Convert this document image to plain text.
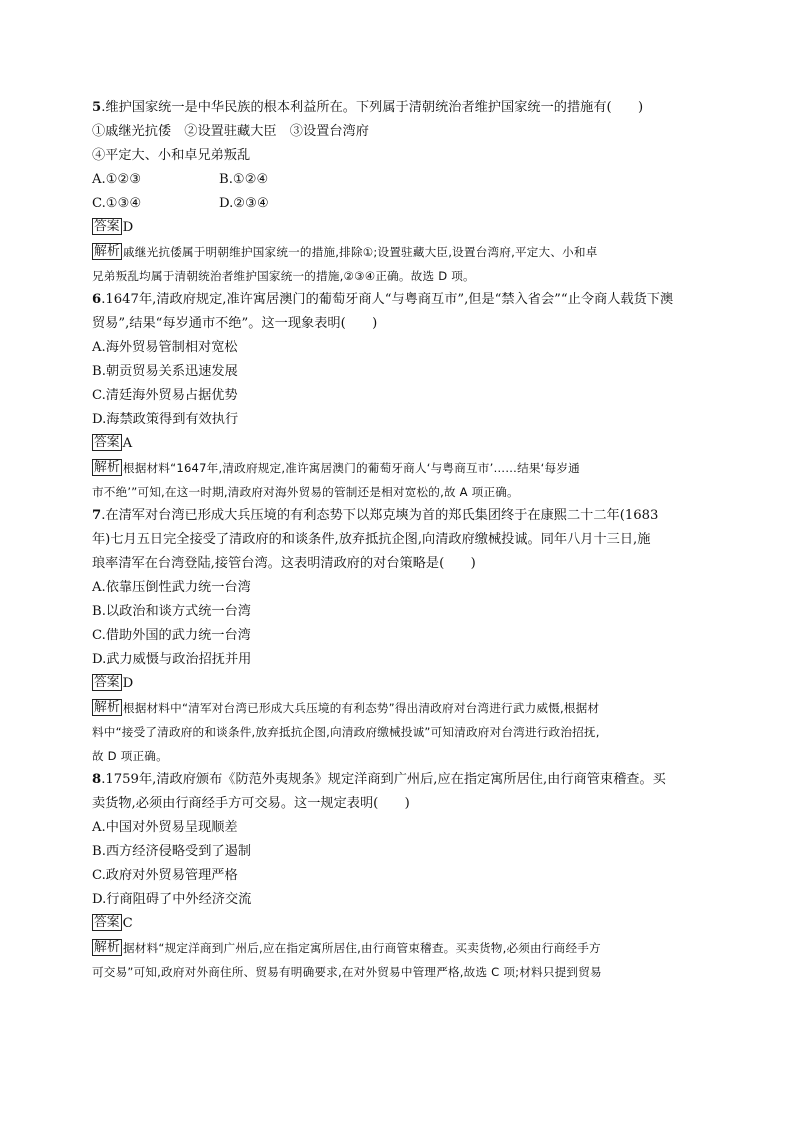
5.维护国家统一是中华民族的根本利益所在。下列属于清朝统治者维护国家统一的措施有(　　)

①戚继光抗倭　②设置驻藏大臣　③设置台湾府

④平定大、小和卓兄弟叛乱

A.①②③	B.①②④
C.①③④	D.②③④

答案 D

解析 戚继光抗倭属于明朝维护国家统一的措施,排除①;设置驻藏大臣,设置台湾府,平定大、小和卓

兄弟叛乱均属于清朝统治者维护国家统一的措施,②③④正确。故选 D 项。

6.1647年,清政府规定,准许寓居澳门的葡萄牙商人“与粤商互市”,但是“禁入省会”“止令商人载货下澳

贸易”,结果“每岁通市不绝”。这一现象表明(　　)

A.海外贸易管制相对宽松

B.朝贡贸易关系迅速发展

C.清廷海外贸易占据优势

D.海禁政策得到有效执行

答案 A

解析 根据材料“1647年,清政府规定,准许寓居澳门的葡萄牙商人‘与粤商互市’……结果‘每岁通

市不绝’”可知,在这一时期,清政府对海外贸易的管制还是相对宽松的,故 A 项正确。

7.在清军对台湾已形成大兵压境的有利态势下以郑克塽为首的郑氏集团终于在康熙二十二年(1683

年)七月五日完全接受了清政府的和谈条件,放弃抵抗企图,向清政府缴械投诚。同年八月十三日,施

琅率清军在台湾登陆,接管台湾。这表明清政府的对台策略是(　　)

A.依靠压倒性武力统一台湾

B.以政治和谈方式统一台湾

C.借助外国的武力统一台湾

D.武力威慑与政治招抚并用

答案 D

解析 根据材料中“清军对台湾已形成大兵压境的有利态势”得出清政府对台湾进行武力威慑,根据材

料中“接受了清政府的和谈条件,放弃抵抗企图,向清政府缴械投诚”可知清政府对台湾进行政治招抚,

故 D 项正确。

8.1759年,清政府颁布《防范外夷规条》规定洋商到广州后,应在指定寓所居住,由行商管束稽查。买

卖货物,必须由行商经手方可交易。这一规定表明(　　)

A.中国对外贸易呈现顺差

B.西方经济侵略受到了遏制

C.政府对外贸易管理严格

D.行商阻碍了中外经济交流

答案 C

解析 据材料“规定洋商到广州后,应在指定寓所居住,由行商管束稽查。买卖货物,必须由行商经手方

可交易”可知,政府对外商住所、贸易有明确要求,在对外贸易中管理严格,故选 C 项;材料只提到贸易
